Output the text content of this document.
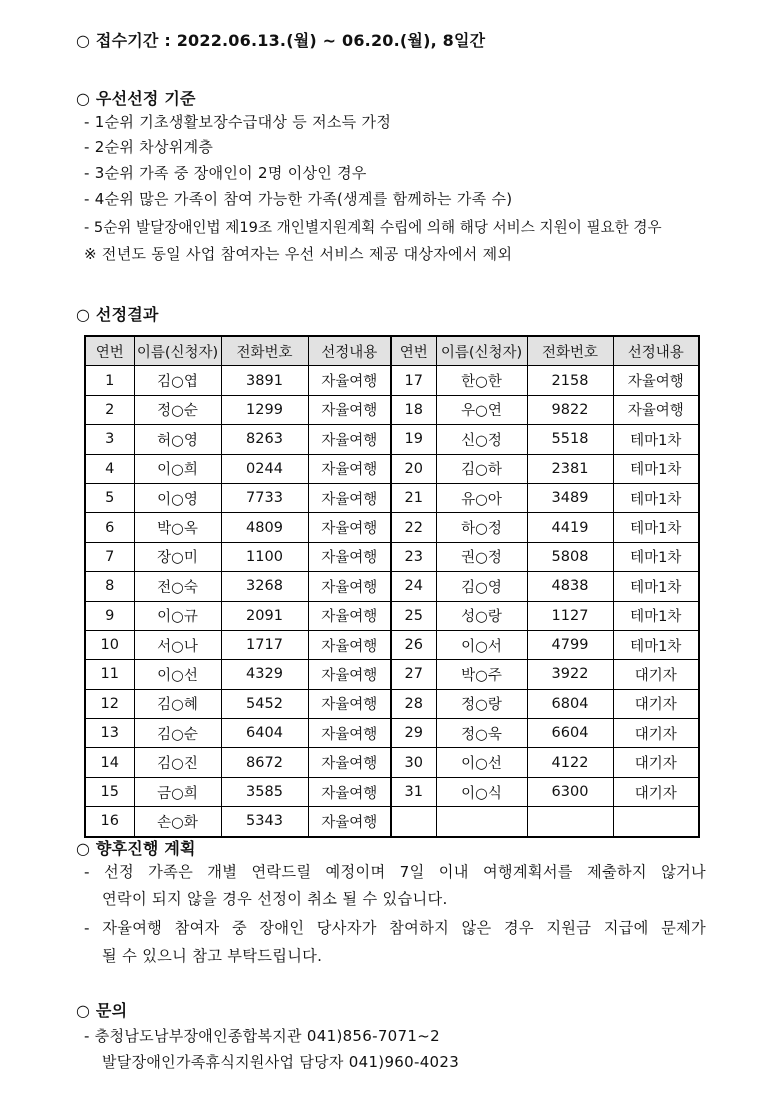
○ 접수기간 : 2022.06.13.(월) ~ 06.20.(월), 8일간
○ 우선선정 기준
- 1순위 기초생활보장수급대상 등 저소득 가정
- 2순위 차상위계층
- 3순위 가족 중 장애인이 2명 이상인 경우
- 4순위 많은 가족이 참여 가능한 가족(생계를 함께하는 가족 수)
- 5순위 발달장애인법 제19조 개인별지원계획 수립에 의해 해당 서비스 지원이 필요한 경우
※ 전년도 동일 사업 참여자는 우선 서비스 제공 대상자에서 제외
○ 선정결과
연번	이름(신청자)	전화번호	선정내용	연번	이름(신청자)	전화번호	선정내용
1	김○엽	3891	자율여행	17	한○한	2158	자율여행
2	정○순	1299	자율여행	18	우○연	9822	자율여행
3	허○영	8263	자율여행	19	신○정	5518	테마1차
4	이○희	0244	자율여행	20	김○하	2381	테마1차
5	이○영	7733	자율여행	21	유○아	3489	테마1차
6	박○옥	4809	자율여행	22	하○정	4419	테마1차
7	장○미	1100	자율여행	23	권○정	5808	테마1차
8	전○숙	3268	자율여행	24	김○영	4838	테마1차
9	이○규	2091	자율여행	25	성○랑	1127	테마1차
10	서○나	1717	자율여행	26	이○서	4799	테마1차
11	이○선	4329	자율여행	27	박○주	3922	대기자
12	김○혜	5452	자율여행	28	정○랑	6804	대기자
13	김○순	6404	자율여행	29	정○욱	6604	대기자
14	김○진	8672	자율여행	30	이○선	4122	대기자
15	금○희	3585	자율여행	31	이○식	6300	대기자
16	손○화	5343	자율여행				
○ 향후진행 계획
- 선정 가족은 개별 연락드릴 예정이며 7일 이내 여행계획서를 제출하지 않거나
연락이 되지 않을 경우 선정이 취소 될 수 있습니다.
- 자율여행 참여자 중 장애인 당사자가 참여하지 않은 경우 지원금 지급에 문제가
될 수 있으니 참고 부탁드립니다.
○ 문의
- 충청남도남부장애인종합복지관 041)856-7071~2
발달장애인가족휴식지원사업 담당자 041)960-4023
